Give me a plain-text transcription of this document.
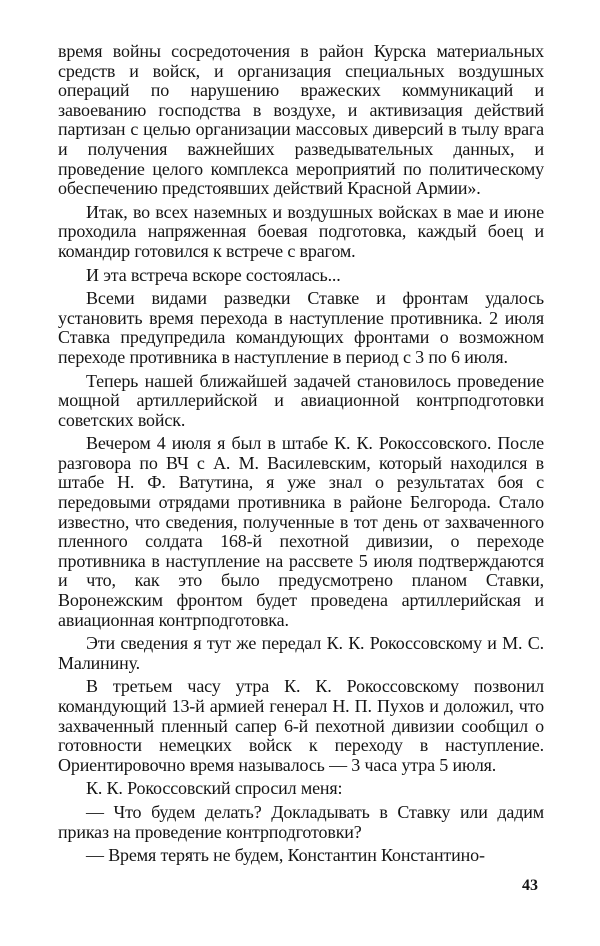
время войны сосредоточения в район Курска материальных средств и войск, и организация специальных воздушных операций по нарушению вражеских коммуникаций и завоеванию господства в воздухе, и активизация действий партизан с целью организации массовых диверсий в тылу врага и получения важнейших разведывательных данных, и проведение целого комплекса мероприятий по политическому обеспечению предстоявших действий Красной Армии».

Итак, во всех наземных и воздушных войсках в мае и июне проходила напряженная боевая подготовка, каждый боец и командир готовился к встрече с врагом.

И эта встреча вскоре состоялась...

Всеми видами разведки Ставке и фронтам удалось установить время перехода в наступление противника. 2 июля Ставка предупредила командующих фронтами о возможном переходе противника в наступление в период с 3 по 6 июля.

Теперь нашей ближайшей задачей становилось проведение мощной артиллерийской и авиационной контрподготовки советских войск.

Вечером 4 июля я был в штабе К. К. Рокоссовского. После разговора по ВЧ с А. М. Василевским, который находился в штабе Н. Ф. Ватутина, я уже знал о результатах боя с передовыми отрядами противника в районе Белгорода. Стало известно, что сведения, полученные в тот день от захваченного пленного солдата 168-й пехотной дивизии, о переходе противника в наступление на рассвете 5 июля подтверждаются и что, как это было предусмотрено планом Ставки, Воронежским фронтом будет проведена артиллерийская и авиационная контрподготовка.

Эти сведения я тут же передал К. К. Рокоссовскому и М. С. Малинину.

В третьем часу утра К. К. Рокоссовскому позвонил командующий 13-й армией генерал Н. П. Пухов и доложил, что захваченный пленный сапер 6-й пехотной дивизии сообщил о готовности немецких войск к переходу в наступление. Ориентировочно время называлось — 3 часа утра 5 июля.

К. К. Рокоссовский спросил меня:

— Что будем делать? Докладывать в Ставку или дадим приказ на проведение контрподготовки?

— Время терять не будем, Константин Константино-

43
